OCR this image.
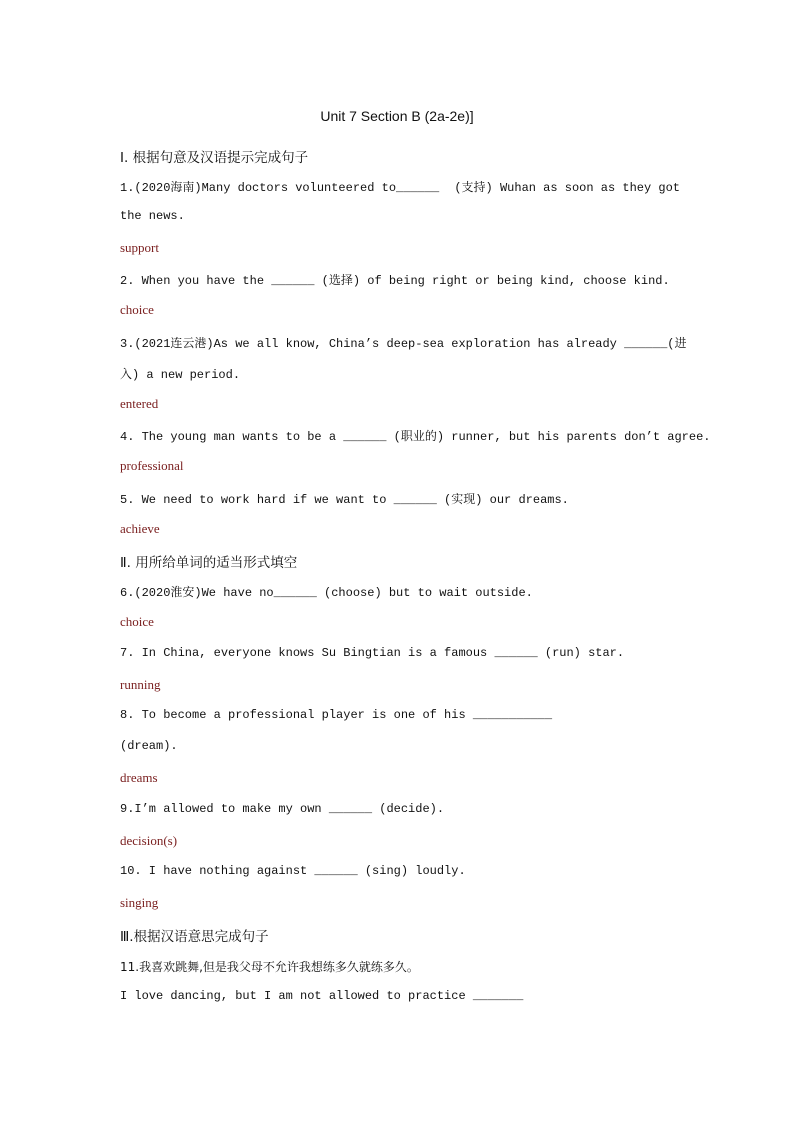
Unit 7 Section B (2a-2e)]
Ⅰ. 根据句意及汉语提示完成句子
1.(2020海南)Many doctors volunteered to______ (支持) Wuhan as soon as they got
the news.
support
2. When you have the ______ (选择) of being right or being kind, choose kind.
choice
3.(2021连云港)As we all know, China’s deep-sea exploration has already ______ (进
入) a new period.
entered
4. The young man wants to be a ______ (职业的) runner, but his parents don’t agree.
professional
5. We need to work hard if we want to ______ (实现) our dreams.
achieve
Ⅱ. 用所给单词的适当形式填空
6.(2020淮安)We have no______ (choose) but to wait outside.
choice
7. In China, everyone knows Su Bingtian is a famous ______ (run) star.
running
8. To become a professional player is one of his ___________
(dream).
dreams
9.I’m allowed to make my own ______ (decide).
decision(s)
10. I have nothing against ______ (sing) loudly.
singing
Ⅲ.根据汉语意思完成句子
11.我喜欢跳舞,但是我父母不允许我想练多久就练多久。
I love dancing, but I am not allowed to practice _______
